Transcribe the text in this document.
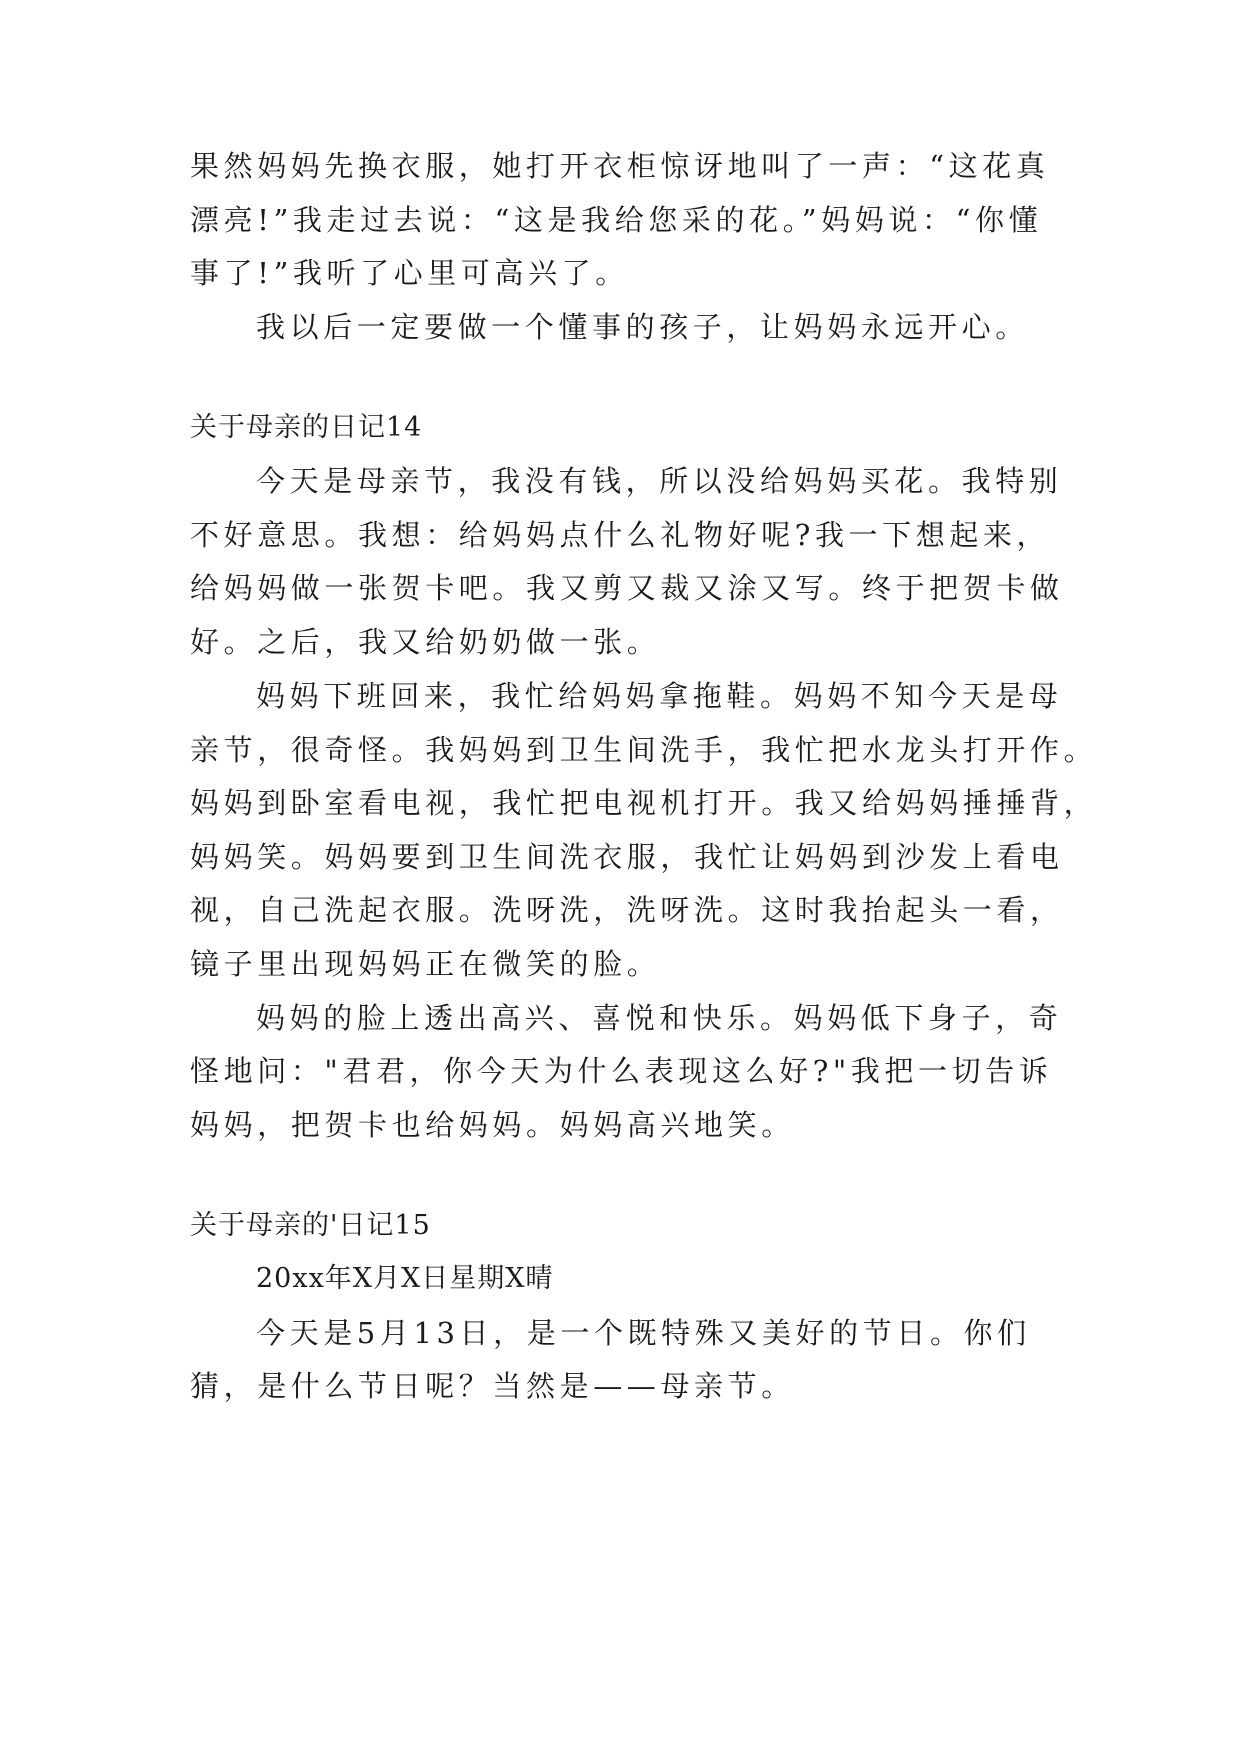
果然妈妈先换衣服，她打开衣柜惊讶地叫了一声：“这花真

漂亮!”我走过去说：“这是我给您采的花。”妈妈说：“你懂

事了!”我听了心里可高兴了。

我以后一定要做一个懂事的孩子，让妈妈永远开心。

关于母亲的日记14

今天是母亲节，我没有钱，所以没给妈妈买花。我特别

不好意思。我想：给妈妈点什么礼物好呢?我一下想起来，

给妈妈做一张贺卡吧。我又剪又裁又涂又写。终于把贺卡做

好。之后，我又给奶奶做一张。

妈妈下班回来，我忙给妈妈拿拖鞋。妈妈不知今天是母

亲节，很奇怪。我妈妈到卫生间洗手，我忙把水龙头打开作。

妈妈到卧室看电视，我忙把电视机打开。我又给妈妈捶捶背，

妈妈笑。妈妈要到卫生间洗衣服，我忙让妈妈到沙发上看电

视，自己洗起衣服。洗呀洗，洗呀洗。这时我抬起头一看，

镜子里出现妈妈正在微笑的脸。

妈妈的脸上透出高兴、喜悦和快乐。妈妈低下身子，奇

怪地问："君君，你今天为什么表现这么好?"我把一切告诉

妈妈，把贺卡也给妈妈。妈妈高兴地笑。

关于母亲的'日记15

20xx年X月X日星期X晴

今天是5月13日，是一个既特殊又美好的节日。你们

猜，是什么节日呢？当然是——母亲节。
